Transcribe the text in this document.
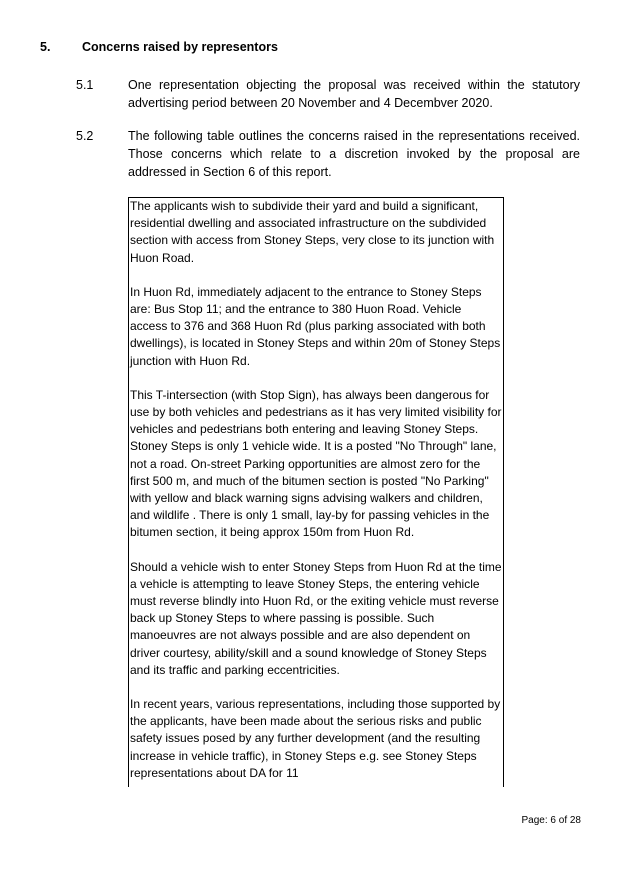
5.	Concerns raised by representors
5.1	One representation objecting the proposal was received within the statutory advertising period between 20 November and 4 Decembver 2020.
5.2	The following table outlines the concerns raised in the representations received. Those concerns which relate to a discretion invoked by the proposal are addressed in Section 6 of this report.

The applicants wish to subdivide their yard and build a significant, residential dwelling and associated infrastructure on the subdivided section with access from Stoney Steps, very close to its junction with Huon Road.

In Huon Rd, immediately adjacent to the entrance to Stoney Steps are: Bus Stop 11; and the entrance to 380 Huon Road. Vehicle access to 376 and 368 Huon Rd (plus parking associated with both dwellings), is located in Stoney Steps and within 20m of Stoney Steps junction with Huon Rd.

This T-intersection (with Stop Sign), has always been dangerous for use by both vehicles and pedestrians as it has very limited visibility for vehicles and pedestrians both entering and leaving Stoney Steps. Stoney Steps is only 1 vehicle wide. It is a posted "No Through" lane, not a road. On-street Parking opportunities are almost zero for the first 500 m, and much of the bitumen section is posted "No Parking" with yellow and black warning signs advising walkers and children, and wildlife . There is only 1 small, lay-by for passing vehicles in the bitumen section, it being approx 150m from Huon Rd.

Should a vehicle wish to enter Stoney Steps from Huon Rd at the time a vehicle is attempting to leave Stoney Steps, the entering vehicle must reverse blindly into Huon Rd, or the exiting vehicle must reverse back up Stoney Steps to where passing is possible. Such manoeuvres are not always possible and are also dependent on driver courtesy, ability/skill and a sound knowledge of Stoney Steps and its traffic and parking eccentricities.

In recent years, various representations, including those supported by the applicants, have been made about the serious risks and public safety issues posed by any further development (and the resulting increase in vehicle traffic), in Stoney Steps e.g. see Stoney Steps representations about DA for 11

Page: 6 of 28
